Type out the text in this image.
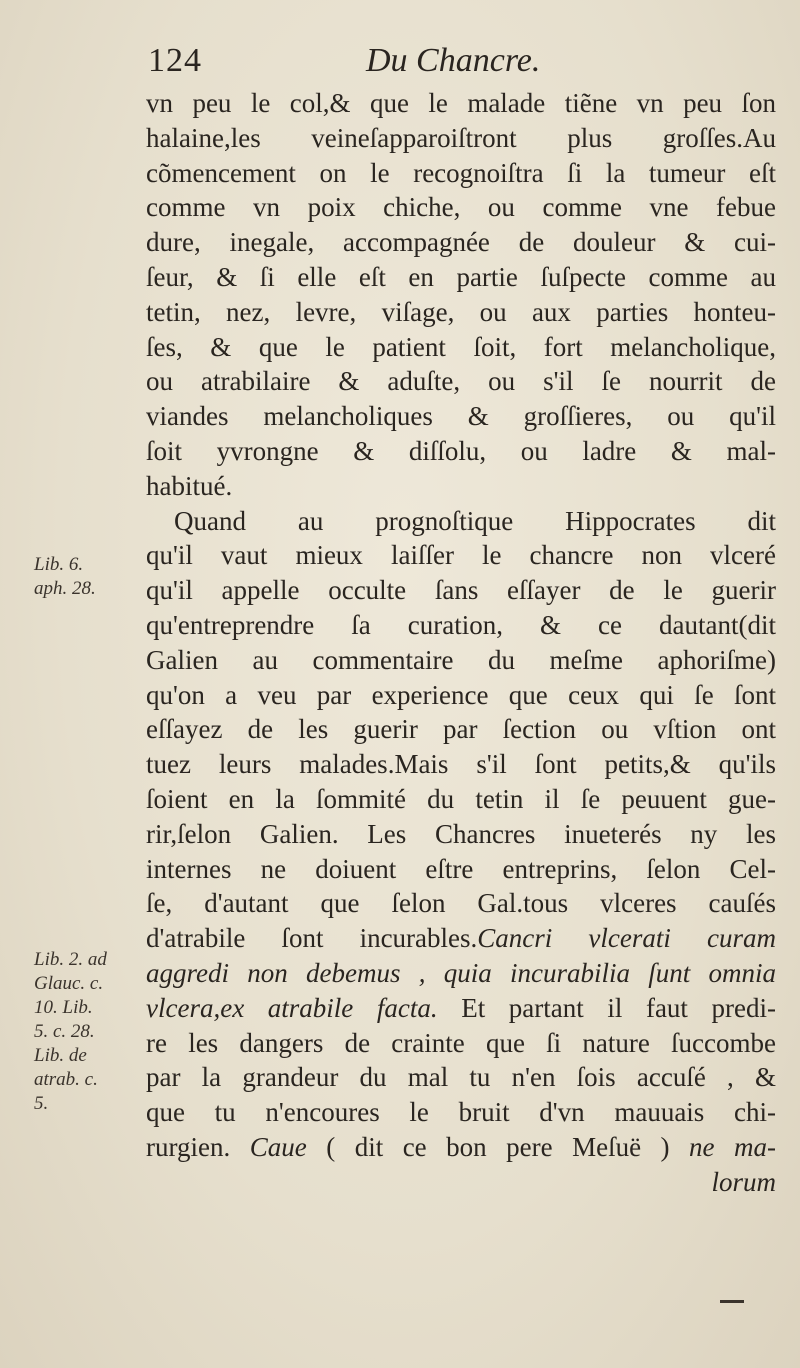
124	Du Chancre.
vn peu le col,& que le malade tiẽne vn peu ſon
halaine,les veineſapparoiſtront plus groſſes.Au
cõmencement on le recognoiſtra ſi la tumeur eſt
comme vn poix chiche, ou comme vne febue
dure, inegale, accompagnée de douleur & cui-
ſeur, & ſi elle eſt en partie ſuſpecte comme au
tetin, nez, levre, viſage, ou aux parties honteu-
ſes, & que le patient ſoit, fort melancholique,
ou atrabilaire & aduſte, ou s'il ſe nourrit de
viandes melancholiques & groſſieres, ou qu'il
ſoit yvrongne & diſſolu, ou ladre & mal-
habitué.
Quand au prognoſtique Hippocrates dit
qu'il vaut mieux laiſſer le chancre non vlceré
qu'il appelle occulte ſans eſſayer de le guerir
qu'entreprendre ſa curation, & ce dautant(dit
Galien au commentaire du meſme aphoriſme)
qu'on a veu par experience que ceux qui ſe ſont
eſſayez de les guerir par ſection ou vſtion ont
tuez leurs malades.Mais s'il ſont petits,& qu'ils
ſoient en la ſommité du tetin il ſe peuuent gue-
rir,ſelon Galien. Les Chancres inueterés ny les
internes ne doiuent eſtre entreprins, ſelon Cel-
ſe, d'autant que ſelon Gal.tous vlceres cauſés
d'atrabile ſont incurables.Cancri vlcerati curam
aggredi non debemus , quia incurabilia ſunt omnia
vlcera,ex atrabile facta. Et partant il faut predi-
re les dangers de crainte que ſi nature ſuccombe
par la grandeur du mal tu n'en ſois accuſé , &
que tu n'encoures le bruit d'vn mauuais chi-
rurgien. Caue ( dit ce bon pere Meſuë ) ne ma-
lorum
Lib. 6.
aph. 28.
Lib. 2. ad
Glauc. c.
10. Lib.
5. c. 28.
Lib. de
atrab. c.
5.
